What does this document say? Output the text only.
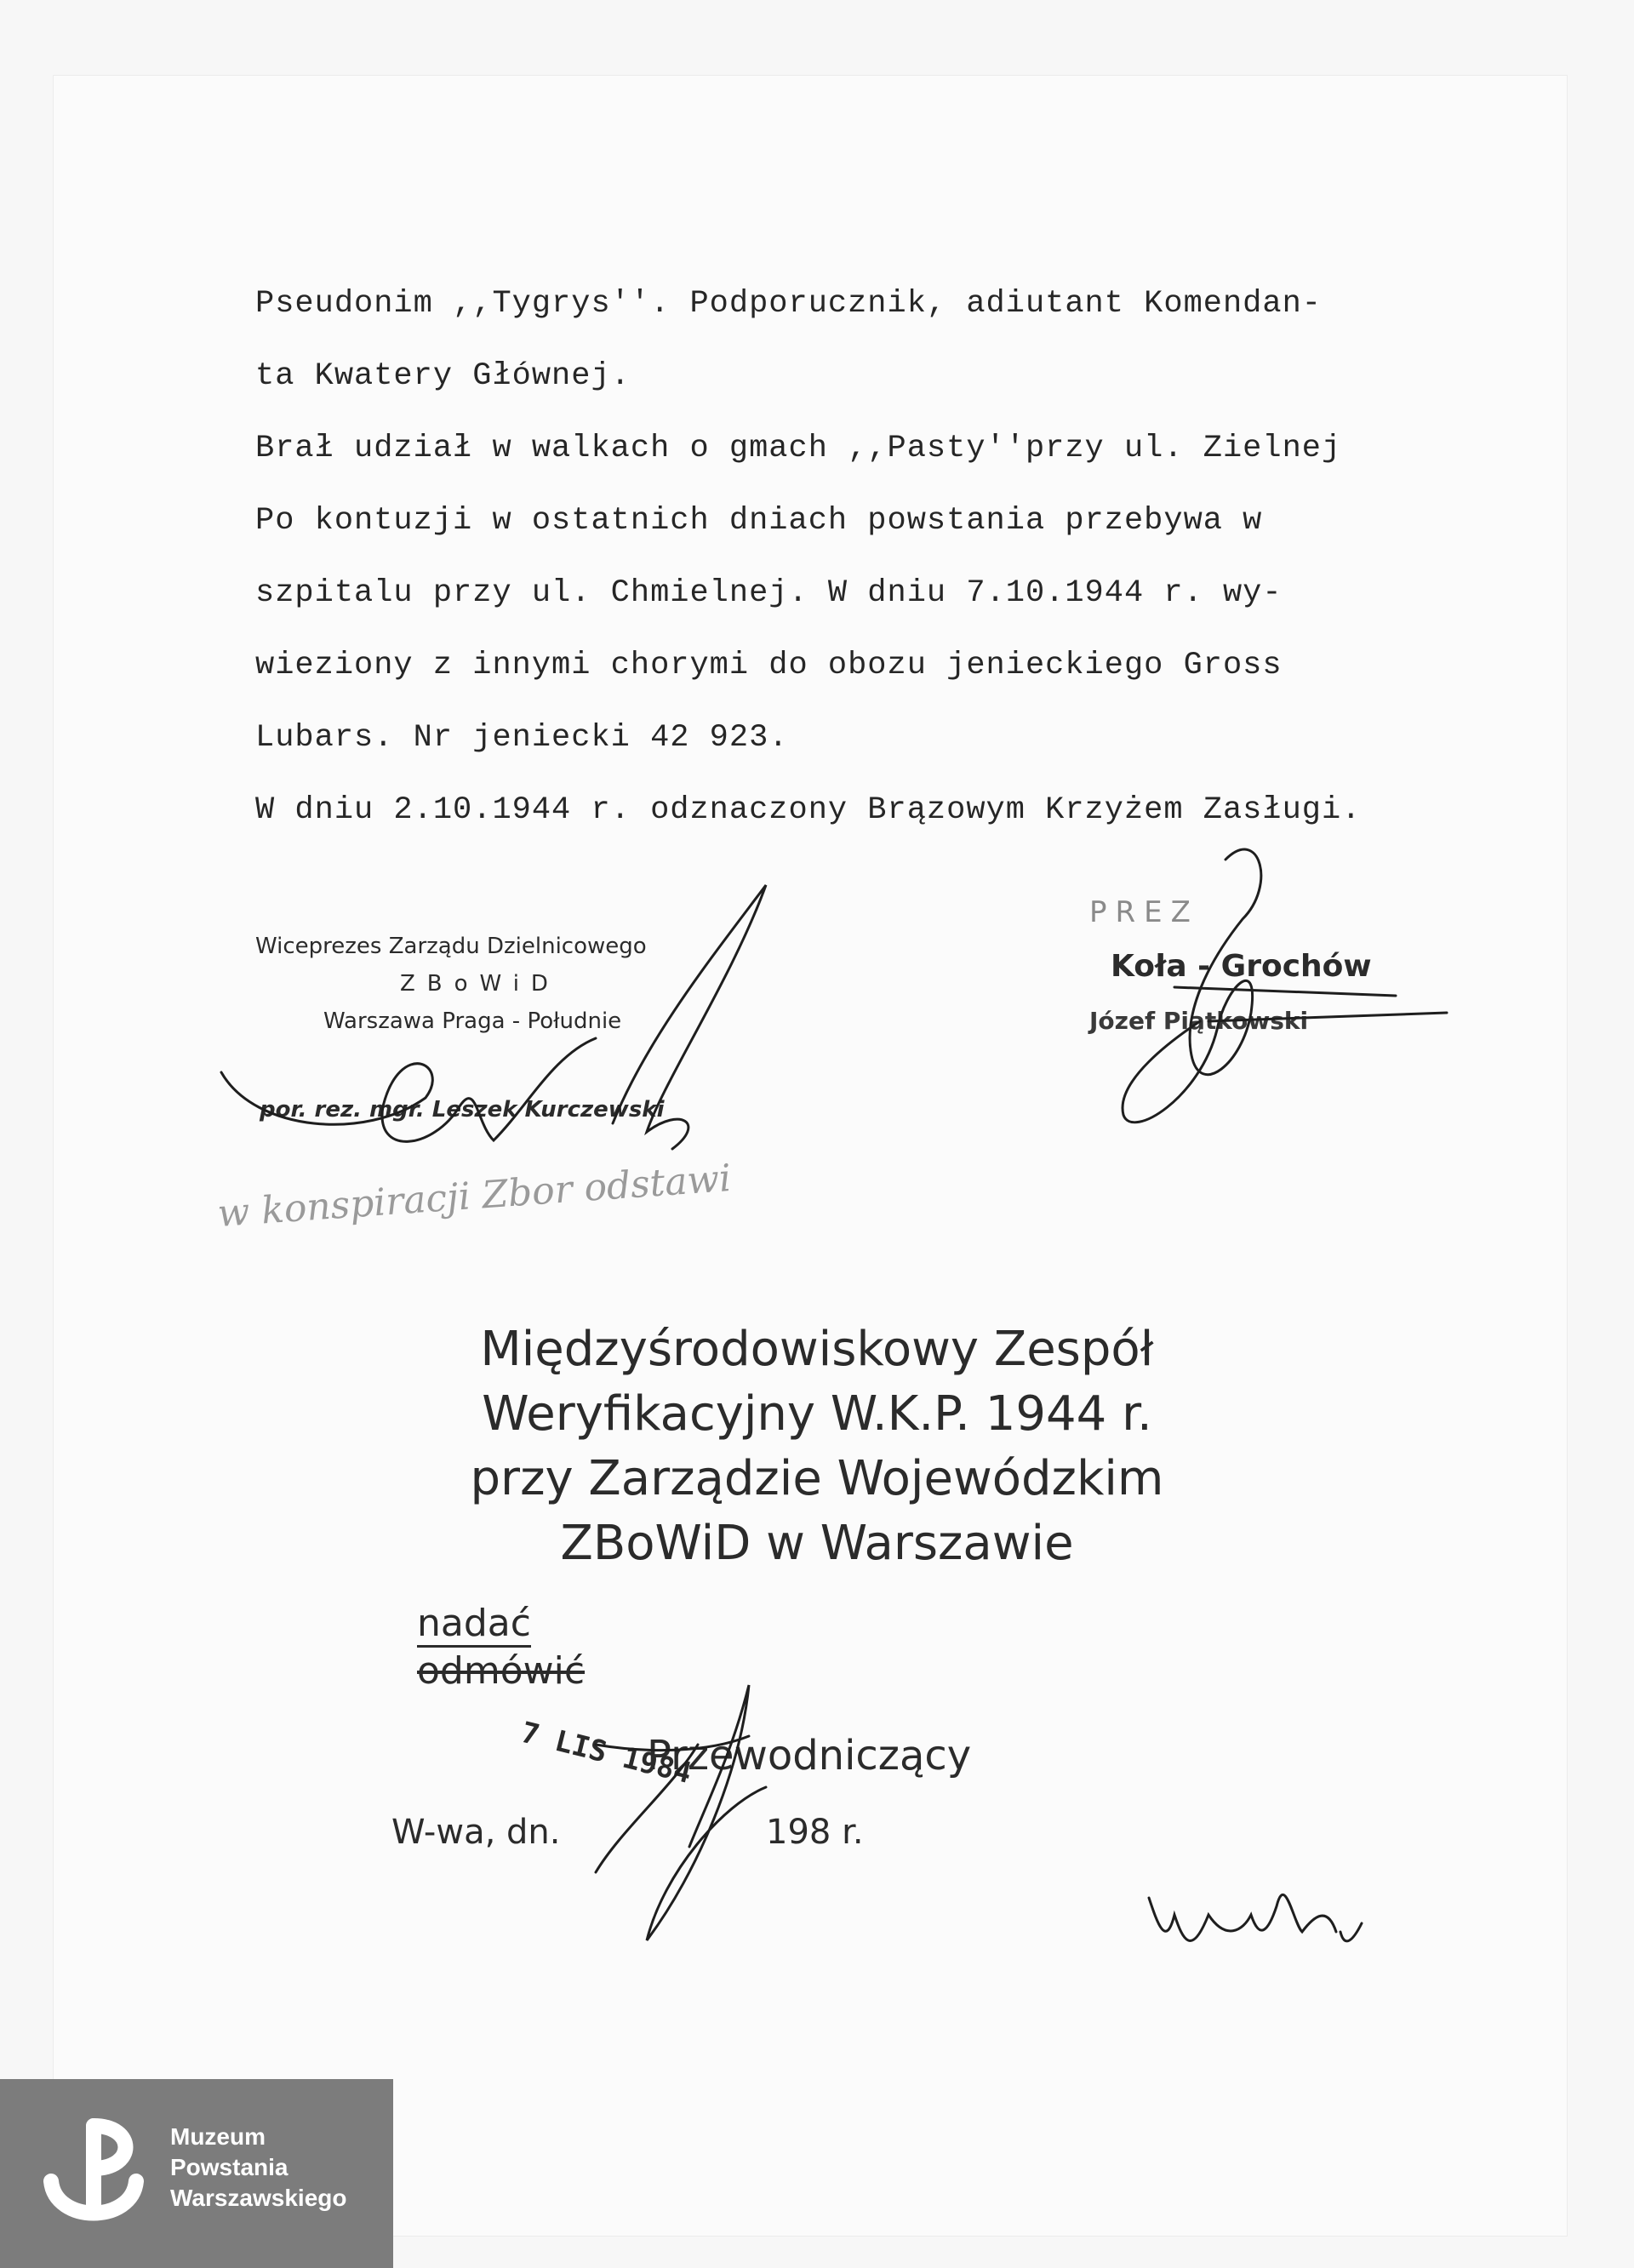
Pseudonim ,,Tygrys''. Podporucznik, adiutant Komendan-
ta Kwatery Głównej.
Brał udział w walkach o gmach ,,Pasty''przy ul. Zielnej
Po kontuzji w ostatnich dniach powstania przebywa w
szpitalu przy ul. Chmielnej. W dniu 7.10.1944 r. wy-
wieziony z innymi chorymi do obozu jenieckiego Gross
Lubars. Nr jeniecki 42 923.
W dniu 2.10.1944 r. odznaczony Brązowym Krzyżem Zasługi.
Wiceprezes Zarządu Dzielnicowego
ZBoWiD
Warszawa Praga - Południe
por. rez. mgr. Leszek Kurczewski
PREZ
Koła - Grochów
Józef Piątkowski
w konspiracji Zbor odstawi
Międzyśrodowiskowy Zespół
Weryfikacyjny W.K.P. 1944 r.
przy Zarządzie Wojewódzkim
ZBoWiD w Warszawie
nadać
odmówić
Przewodniczący
W-wa, dn.	198 r.
7 LIS 1984
Muzeum
Powstania
Warszawskiego
